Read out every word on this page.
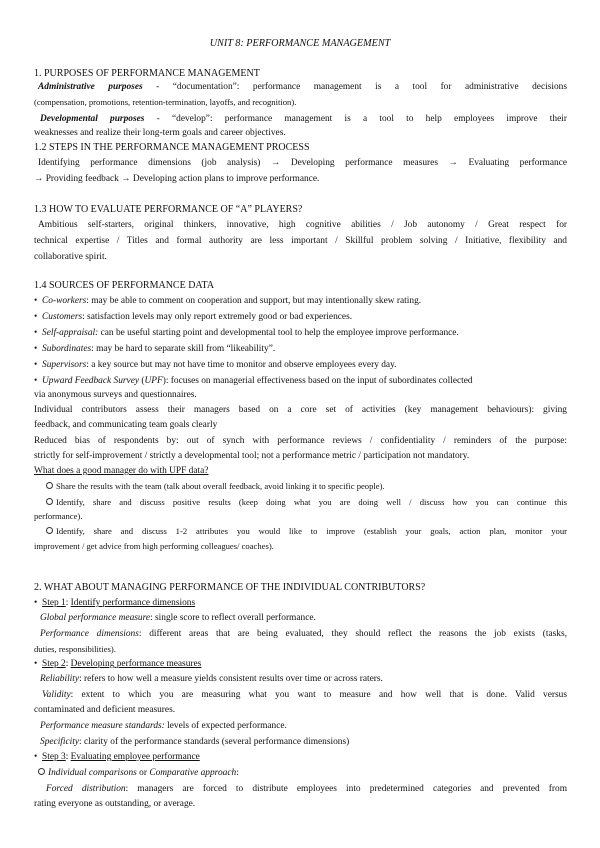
UNIT 8: PERFORMANCE MANAGEMENT

1. PURPOSES OF PERFORMANCE MANAGEMENT

Administrative purposes - “documentation”: performance management is a tool for administrative decisions

(compensation, promotions, retention-termination, layoffs, and recognition).

Developmental purposes - “develop”: performance management is a tool to help employees improve their

weaknesses and realize their long-term goals and career objectives.

1.2 STEPS IN THE PERFORMANCE MANAGEMENT PROCESS

Identifying performance dimensions (job analysis) → Developing performance measures → Evaluating performance

→ Providing feedback → Developing action plans to improve performance.

1.3 HOW TO EVALUATE PERFORMANCE OF “A” PLAYERS?

Ambitious self-starters, original thinkers, innovative, high cognitive abilities / Job autonomy / Great respect for

technical expertise / Titles and formal authority are less important / Skillful problem solving / Initiative, flexibility and

collaborative spirit.

1.4 SOURCES OF PERFORMANCE DATA

• Co-workers: may be able to comment on cooperation and support, but may intentionally skew rating.

• Customers: satisfaction levels may only report extremely good or bad experiences.

• Self-appraisal: can be useful starting point and developmental tool to help the employee improve performance.

• Subordinates: may be hard to separate skill from “likeability”.

• Supervisors: a key source but may not have time to monitor and observe employees every day.

• Upward Feedback Survey (UPF): focuses on managerial effectiveness based on the input of subordinates collected

via anonymous surveys and questionnaires.

Individual contributors assess their managers based on a core set of activities (key management behaviours): giving

feedback, and communicating team goals clearly

Reduced bias of respondents by: out of synch with performance reviews / confidentiality / reminders of the purpose:

strictly for self-improvement / strictly a developmental tool; not a performance metric / participation not mandatory.

What does a good manager do with UPF data?

Share the results with the team (talk about overall feedback, avoid linking it to specific people).

Identify, share and discuss positive results (keep doing what you are doing well / discuss how you can continue this

performance).

Identify, share and discuss 1-2 attributes you would like to improve (establish your goals, action plan, monitor your

improvement / get advice from high performing colleagues/ coaches).

2. WHAT ABOUT MANAGING PERFORMANCE OF THE INDIVIDUAL CONTRIBUTORS?

• Step 1: Identify performance dimensions

Global performance measure: single score to reflect overall performance.

Performance dimensions: different areas that are being evaluated, they should reflect the reasons the job exists (tasks,

duties, responsibilities).

• Step 2: Developing performance measures

Reliability: refers to how well a measure yields consistent results over time or across raters.

Validity: extent to which you are measuring what you want to measure and how well that is done. Valid versus

contaminated and deficient measures.

Performance measure standards: levels of expected performance.

Specificity: clarity of the performance standards (several performance dimensions)

• Step 3: Evaluating employee performance

Individual comparisons or Comparative approach:

Forced distribution: managers are forced to distribute employees into predetermined categories and prevented from

rating everyone as outstanding, or average.
